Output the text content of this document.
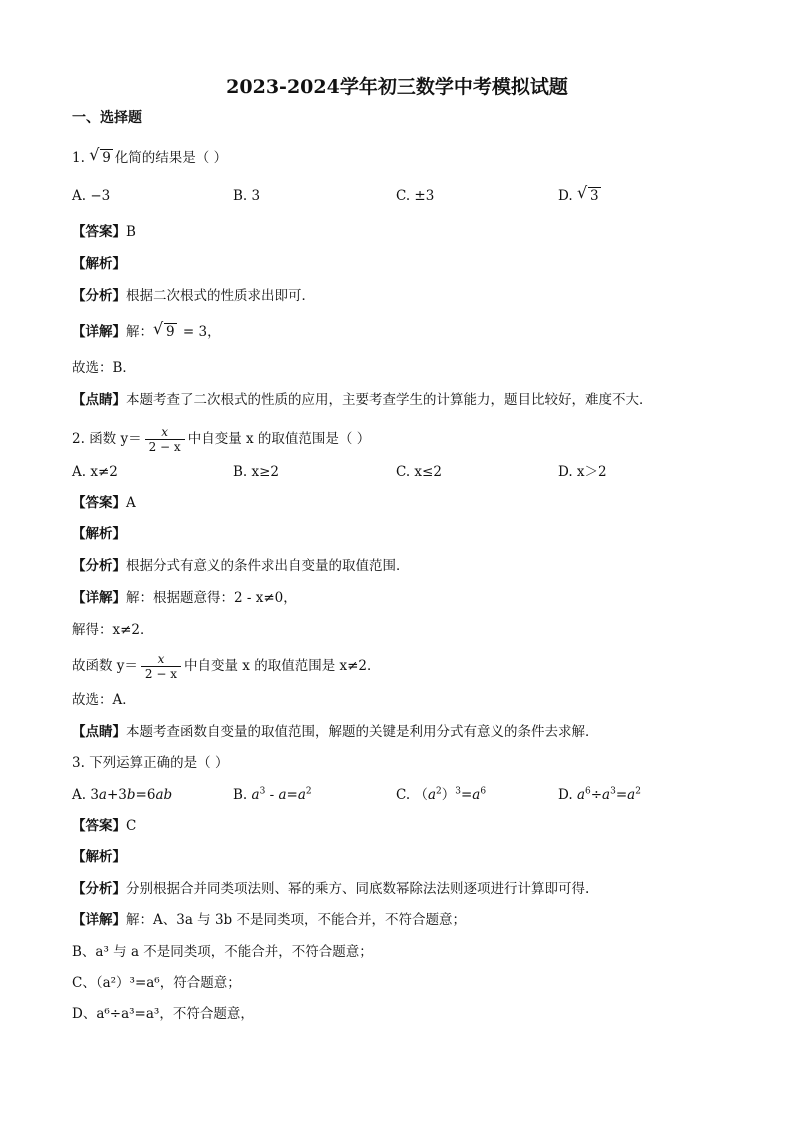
2023-2024学年初三数学中考模拟试题
一、选择题
1. √ 9 化简的结果是（ ）
A. −3	B. 3	C. ±3	D. √ 3
【答案】B
【解析】
【分析】根据二次根式的性质求出即可．
【详解】解： √ 9 = 3，
故选：B．
【点睛】本题考查了二次根式的性质的应用，主要考查学生的计算能力，题目比较好，难度不大．
2. 函数 $y= \frac{x}{2 - x}$ 中自变量 x 的取值范围是（ ）
A. x≠2	B. x≥2	C. x≤2	D. x＞2
【答案】A
【解析】
【分析】根据分式有意义的条件求出自变量的取值范围．
【详解】解：根据题意得：2 - x≠0，
解得：x≠2．
故函数 $y= \frac{x}{2 - x}$ 中自变量 x 的取值范围是 x≠2．
故选：A．
【点睛】本题考查函数自变量的取值范围，解题的关键是利用分式有意义的条件去求解．
3. 下列运算正确的是（ ）
A. 3a+3b=6ab	B. $a^3 - a=a^2$	C. $(a^2)^3=a^6$	D. $a^6\div a^3=a^2$
【答案】C
【解析】
【分析】分别根据合并同类项法则、幂的乘方、同底数幂除法法则逐项进行计算即可得.
【详解】解：A、3a 与 3b 不是同类项，不能合并，不符合题意；
B、a³ 与 a 不是同类项，不能合并，不符合题意；
C、（a²）³=a⁶，符合题意；
D、a⁶÷a³=a³，不符合题意，
